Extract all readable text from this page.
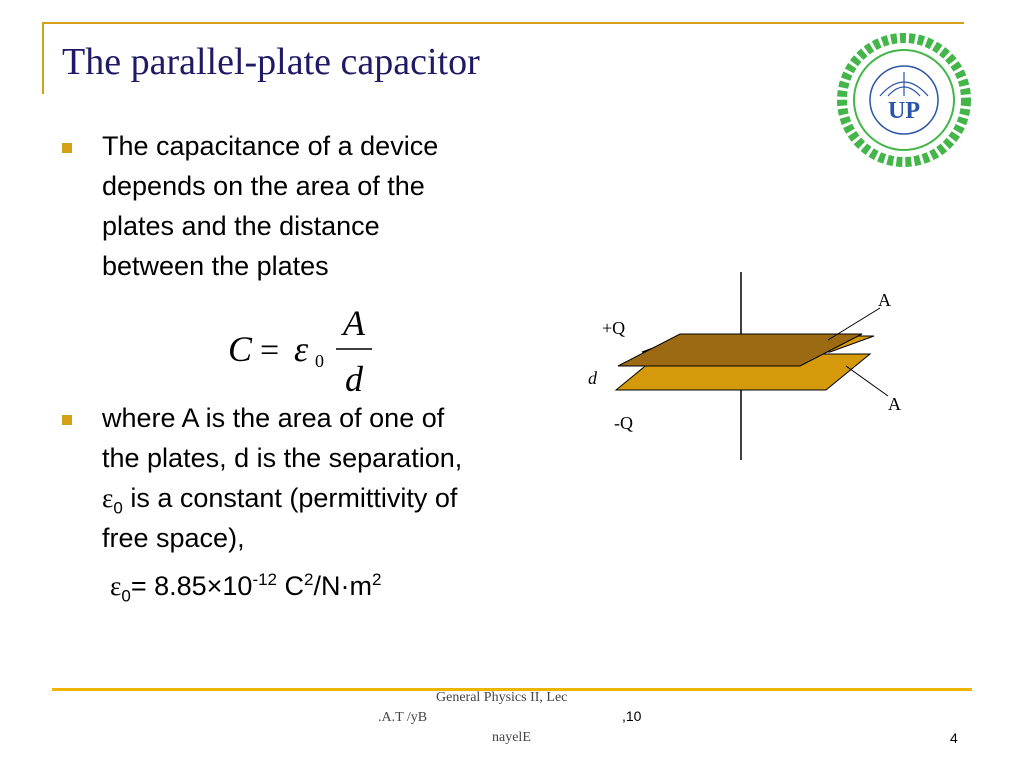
The parallel-plate capacitor
UP
The capacitance of a device
depends on the area of the
plates and the distance
between the plates
C = ε 0
A
d
where A is the area of one of
the plates, d is the separation,
$\varepsilon_0$ is a constant (permittivity of
free space),
$\varepsilon_0= 8.85\times 10^{-12}$ $C^2/N\cdot m^2$
A
A
+Q
d
-Q
General Physics II, Lec
.A.T /yB	,10
nayelE	4
